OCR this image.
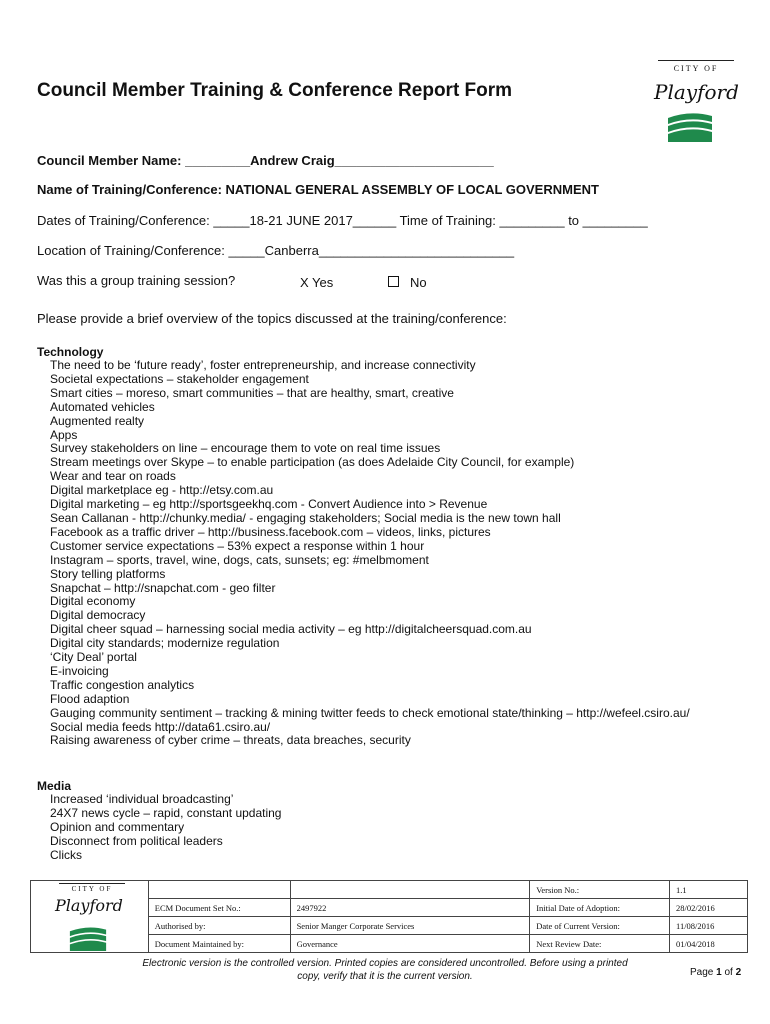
CITY OF
Playford
Council Member Training & Conference Report Form
Council Member Name: _________Andrew Craig______________________
Name of Training/Conference: NATIONAL GENERAL ASSEMBLY OF LOCAL GOVERNMENT
Dates of Training/Conference: _____18-21 JUNE 2017______ Time of Training: _________ to _________
Location of Training/Conference: _____Canberra___________________________
Was this a group training session?	X Yes	No
Please provide a brief overview of the topics discussed at the training/conference:
Technology
The need to be ‘future ready’, foster entrepreneurship, and increase connectivity
Societal expectations – stakeholder engagement
Smart cities – moreso, smart communities – that are healthy, smart, creative
Automated vehicles
Augmented realty
Apps
Survey stakeholders on line – encourage them to vote on real time issues
Stream meetings over Skype – to enable participation (as does Adelaide City Council, for example)
Wear and tear on roads
Digital marketplace eg - http://etsy.com.au
Digital marketing – eg http://sportsgeekhq.com - Convert Audience into > Revenue
Sean Callanan - http://chunky.media/ - engaging stakeholders; Social media is the new town hall
Facebook as a traffic driver – http://business.facebook.com – videos, links, pictures
Customer service expectations – 53% expect a response within 1 hour
Instagram – sports, travel, wine, dogs, cats, sunsets; eg: #melbmoment
Story telling platforms
Snapchat – http://snapchat.com - geo filter
Digital economy
Digital democracy
Digital cheer squad – harnessing social media activity – eg http://digitalcheersquad.com.au
Digital city standards; modernize regulation
‘City Deal’ portal
E-invoicing
Traffic congestion analytics
Flood adaption
Gauging community sentiment – tracking & mining twitter feeds to check emotional state/thinking – http://wefeel.csiro.au/
Social media feeds http://data61.csiro.au/
Raising awareness of cyber crime – threats, data breaches, security
Media
Increased ‘individual broadcasting’
24X7 news cycle – rapid, constant updating
Opinion and commentary
Disconnect from political leaders
Clicks
CITY OF
Playford			Version No.:	1.1
	ECM Document Set No.:	2497922	Initial Date of Adoption:	28/02/2016
	Authorised by:	Senior Manger Corporate Services	Date of Current Version:	11/08/2016
	Document Maintained by:	Governance	Next Review Date:	01/04/2018
Electronic version is the controlled version. Printed copies are considered uncontrolled. Before using a printed copy, verify that it is the current version.	Page 1 of 2
